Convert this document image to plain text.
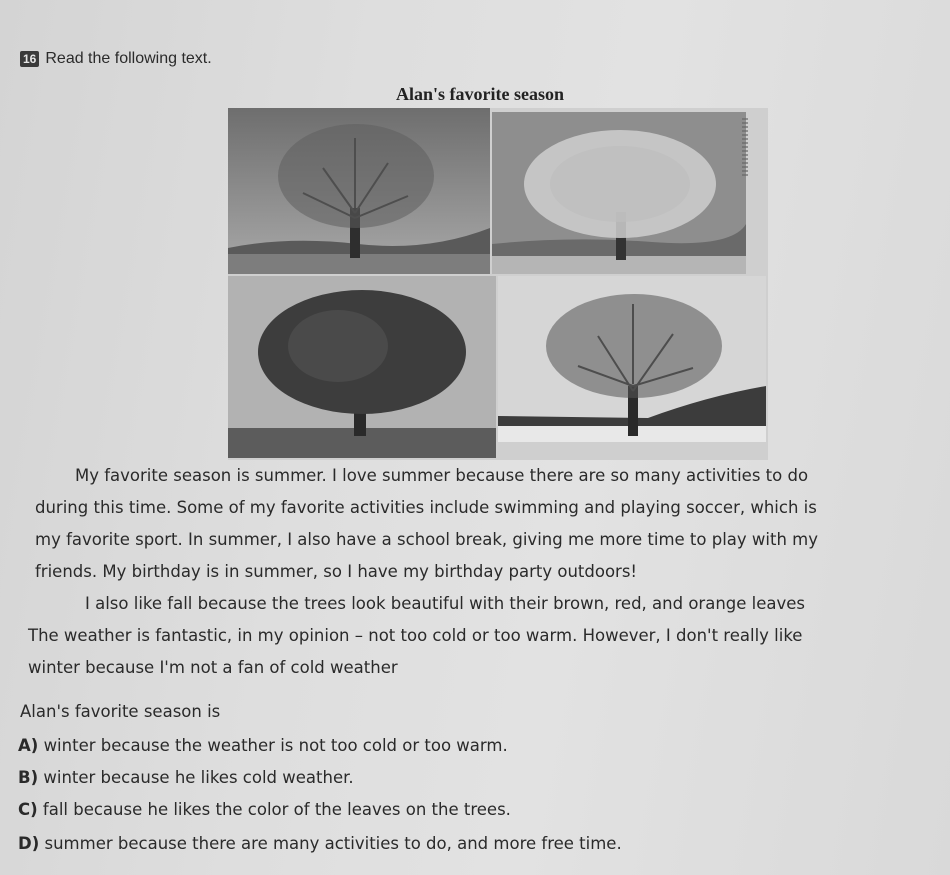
16 Read the following text.
Alan's favorite season
My favorite season is summer. I love summer because there are so many activities to do
during this time. Some of my favorite activities include swimming and playing soccer, which is
my favorite sport. In summer, I also have a school break, giving me more time to play with my
friends. My birthday is in summer, so I have my birthday party outdoors!
I also like fall because the trees look beautiful with their brown, red, and orange leaves
The weather is fantastic, in my opinion – not too cold or too warm. However, I don't really like
winter because I'm not a fan of cold weather
Alan's favorite season is
A) winter because the weather is not too cold or too warm.
B) winter because he likes cold weather.
C) fall because he likes the color of the leaves on the trees.
D) summer because there are many activities to do, and more free time.
